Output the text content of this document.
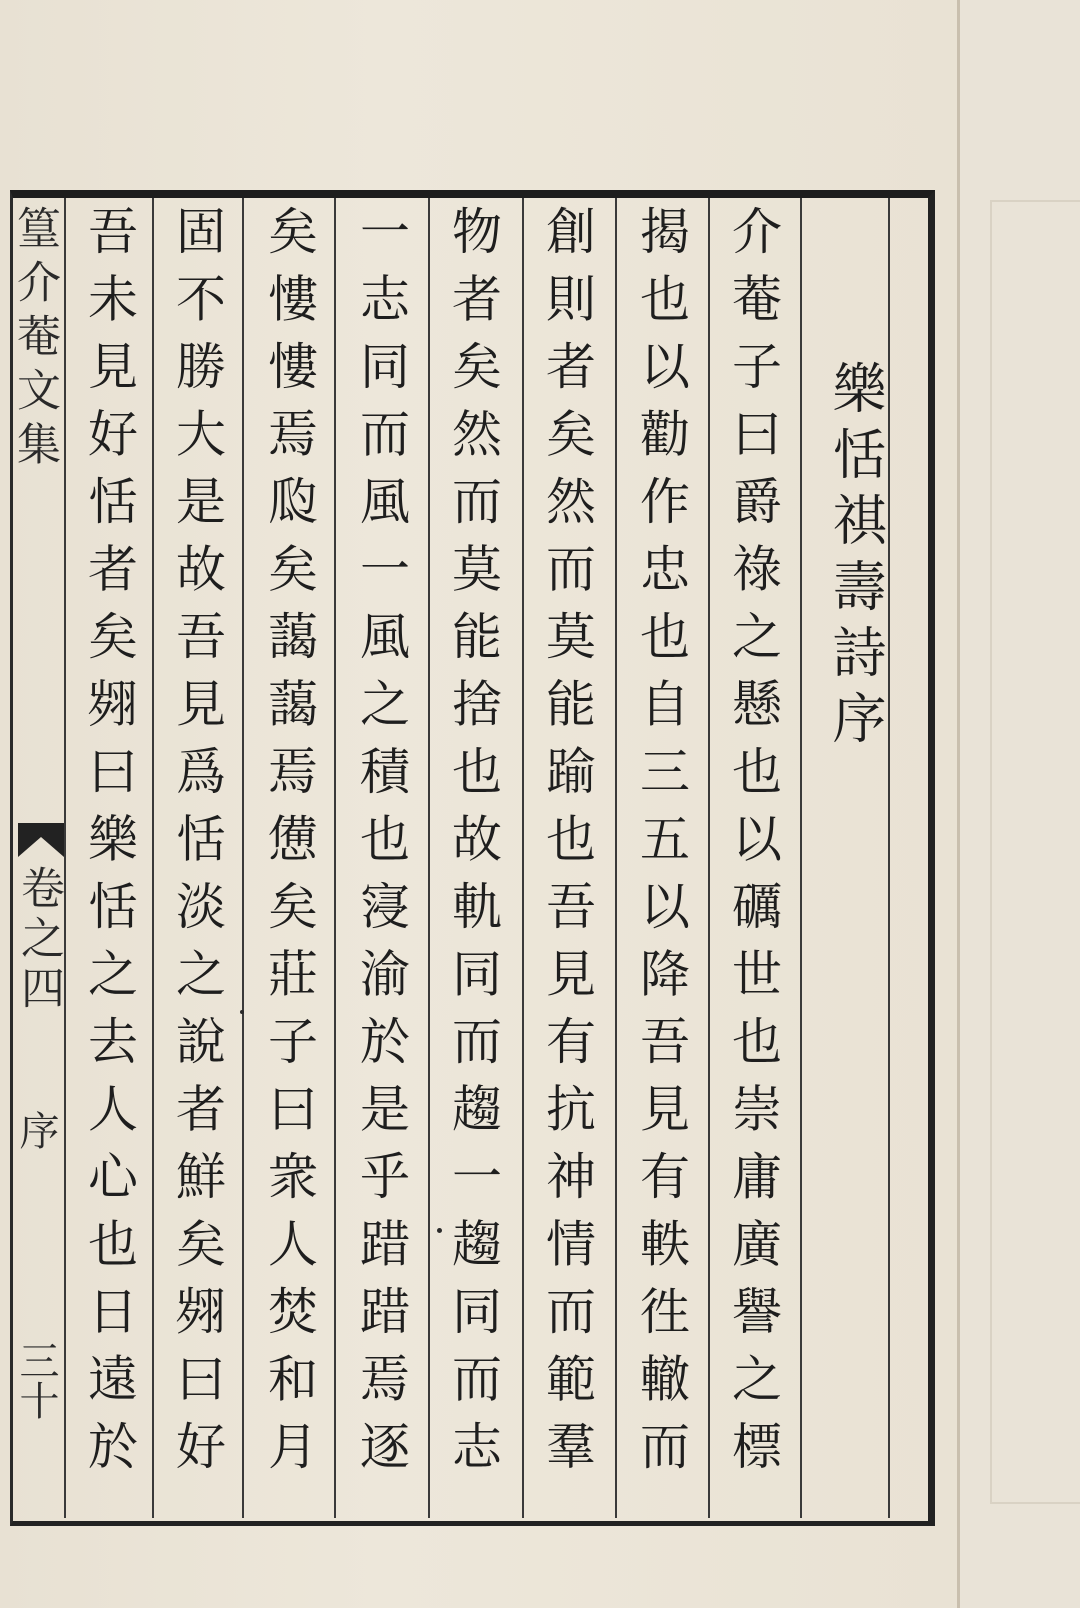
篁介菴文集
卷之四
序
三十
樂恬祺壽詩序
介菴子曰爵祿之懸也以礪世也崇庸廣譽之標
揭也以勸作忠也自三五以降吾見有軼徃轍而
創則者矣然而莫能踰也吾見有抗神情而範羣
物者矣然而莫能捨也故軌同而趨一趨同而志
一志同而風一風之積也寖渝於是乎踖踖焉逐
矣慺慺焉瓝矣藹藹焉憊矣莊子曰衆人焚和月
固不勝大是故吾見爲恬淡之說者鮮矣翙曰好
吾未見好恬者矣翙曰樂恬之去人心也日遠於
